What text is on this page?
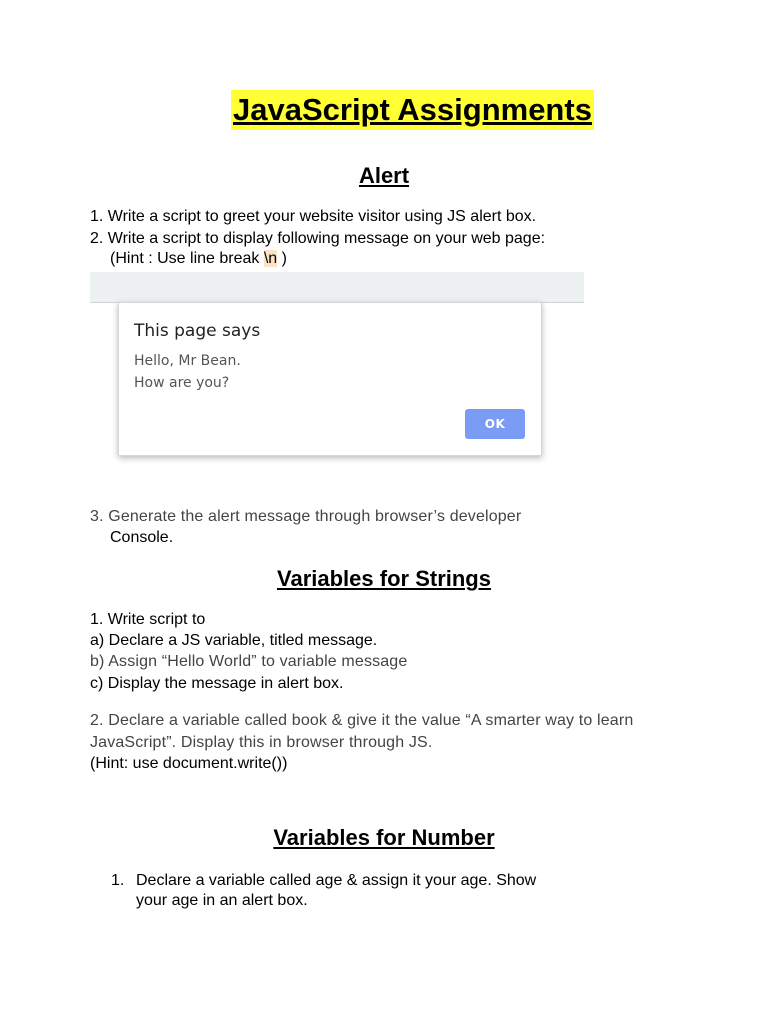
JavaScript Assignments
Alert
1. Write a script to greet your website visitor using JS alert box.
2. Write a script to display following message on your web page:
(Hint : Use line break \n )
This page says
Hello, Mr Bean.
How are you?
OK
3. Generate the alert message through browser’s developer
Console.
Variables for Strings
1. Write script to
a) Declare a JS variable, titled message.
b) Assign “Hello World” to variable message
c) Display the message in alert box.
2. Declare a variable called book & give it the value “A smarter way to learn
JavaScript”. Display this in browser through JS.
(Hint: use document.write())
Variables for Number
1. Declare a variable called age & assign it your age. Show
your age in an alert box.
